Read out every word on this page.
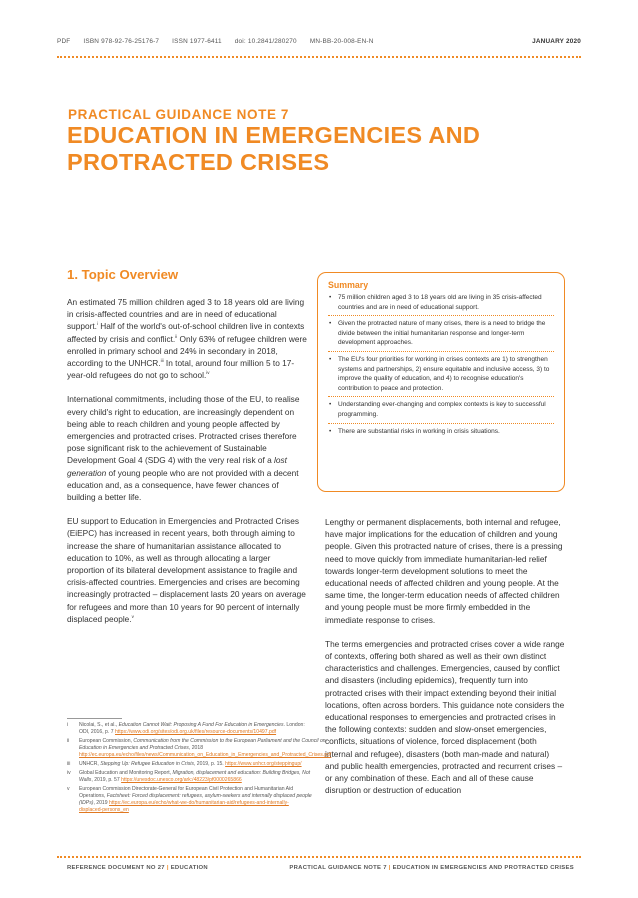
PDF ISBN 978-92-76-25176-7 ISSN 1977-6411 doi: 10.2841/280270 MN-BB-20-008-EN-N	JANUARY 2020
PRACTICAL GUIDANCE NOTE 7
EDUCATION IN EMERGENCIES AND PROTRACTED CRISES
1. Topic Overview

An estimated 75 million children aged 3 to 18 years old are living in crisis-affected countries and are in need of educational support.$^i$ Half of the world's out-of-school children live in contexts affected by crisis and conflict.$^{ii}$ Only 63% of refugee children were enrolled in primary school and 24% in secondary in 2018, according to the UNHCR.$^{iii}$ In total, around four million 5 to 17-year-old refugees do not go to school.$^{iv}$

International commitments, including those of the EU, to realise every child's right to education, are increasingly dependent on being able to reach children and young people affected by emergencies and protracted crises. Protracted crises therefore pose significant risk to the achievement of Sustainable Development Goal 4 (SDG 4) with the very real risk of a lost generation of young people who are not provided with a decent education and, as a consequence, have fewer chances of building a better life.

EU support to Education in Emergencies and Protracted Crises (EiEPC) has increased in recent years, both through aiming to increase the share of humanitarian assistance allocated to education to 10%, as well as through allocating a larger proportion of its bilateral development assistance to fragile and crisis-affected countries. Emergencies and crises are becoming increasingly protracted – displacement lasts 20 years on average for refugees and more than 10 years for 90 percent of internally displaced people.$^v$

Summary
• 75 million children aged 3 to 18 years old are living in 35 crisis-affected countries and are in need of educational support.
• Given the protracted nature of many crises, there is a need to bridge the divide between the initial humanitarian response and longer-term development approaches.
• The EU's four priorities for working in crises contexts are 1) to strengthen systems and partnerships, 2) ensure equitable and inclusive access, 3) to improve the quality of education, and 4) to recognise education's contribution to peace and protection.
• Understanding ever-changing and complex contexts is key to successful programming.
• There are substantial risks in working in crisis situations.

Lengthy or permanent displacements, both internal and refugee, have major implications for the education of children and young people. Given this protracted nature of crises, there is a pressing need to move quickly from immediate humanitarian-led relief towards longer-term development solutions to meet the educational needs of affected children and young people. At the same time, the longer-term education needs of affected children and young people must be more firmly embedded in the immediate response to crises.

The terms emergencies and protracted crises cover a wide range of contexts, offering both shared as well as their own distinct characteristics and challenges. Emergencies, caused by conflict and disasters (including epidemics), frequently turn into protracted crises with their impact extending beyond their initial locations, often across borders. This guidance note considers the educational responses to emergencies and protracted crises in the following contexts: sudden and slow-onset emergencies, conflicts, situations of violence, forced displacement (both internal and refugee), disasters (both man-made and natural) and public health emergencies, protracted and recurrent crises – or any combination of these. Each and all of these cause disruption or destruction of education

i	Nicolai, S., et al., Education Cannot Wait: Proposing A Fund For Education in Emergencies. London: ODI, 2016, p. 7 https://www.odi.org/sites/odi.org.uk/files/resource-documents/10497.pdf
ii	European Commission, Communication from the Commission to the European Parliament and the Council on Education in Emergencies and Protracted Crises, 2018 http://ec.europa.eu/echo/files/news/Communication_on_Education_in_Emergencies_and_Protracted_Crises.pdf
iii	UNHCR, Stepping Up: Refugee Education in Crisis, 2019, p. 15. https://www.unhcr.org/steppingup/
iv	Global Education and Monitoring Report, Migration, displacement and education: Building Bridges, Not Walls, 2019, p. 57 https://unesdoc.unesco.org/ark:/48223/pf0000265866
v	European Commission Directorate-General for European Civil Protection and Humanitarian Aid Operations, Factsheet: Forced displacement: refugees, asylum-seekers and internally displaced people (IDPs), 2019 https://ec.europa.eu/echo/what-we-do/humanitarian-aid/refugees-and-internally-displaced-persons_en
REFERENCE DOCUMENT NO 27 | EDUCATION	PRACTICAL GUIDANCE NOTE 7 | EDUCATION IN EMERGENCIES AND PROTRACTED CRISES
